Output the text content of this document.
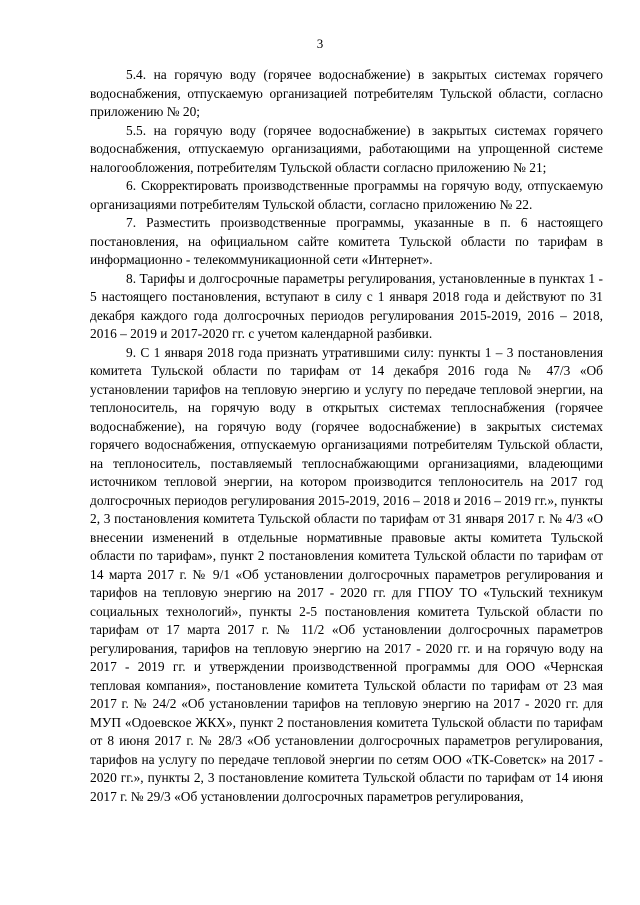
3

5.4. на горячую воду (горячее водоснабжение) в закрытых системах горячего водоснабжения, отпускаемую организацией потребителям Тульской области, согласно приложению № 20;

5.5. на горячую воду (горячее водоснабжение) в закрытых системах горячего водоснабжения, отпускаемую организациями, работающими на упрощенной системе налогообложения, потребителям Тульской области согласно приложению № 21;

6. Скорректировать производственные программы на горячую воду, отпускаемую организациями потребителям Тульской области, согласно приложению № 22.

7. Разместить производственные программы, указанные в п. 6 настоящего постановления, на официальном сайте комитета Тульской области по тарифам в информационно - телекоммуникационной сети «Интернет».

8. Тарифы и долгосрочные параметры регулирования, установленные в пунктах 1 - 5 настоящего постановления, вступают в силу с 1 января 2018 года и действуют по 31 декабря каждого года долгосрочных периодов регулирования 2015-2019, 2016 – 2018, 2016 – 2019 и 2017-2020 гг. с учетом календарной разбивки.

9. С 1 января 2018 года признать утратившими силу: пункты 1 – 3 постановления комитета Тульской области по тарифам от 14 декабря 2016 года № 47/3 «Об установлении тарифов на тепловую энергию и услугу по передаче тепловой энергии, на теплоноситель, на горячую воду в открытых системах теплоснабжения (горячее водоснабжение), на горячую воду (горячее водоснабжение) в закрытых системах горячего водоснабжения, отпускаемую организациями потребителям Тульской области, на теплоноситель, поставляемый теплоснабжающими организациями, владеющими источником тепловой энергии, на котором производится теплоноситель на 2017 год долгосрочных периодов регулирования 2015-2019, 2016 – 2018 и 2016 – 2019 гг.», пункты 2, 3 постановления комитета Тульской области по тарифам от 31 января 2017 г. № 4/3 «О внесении изменений в отдельные нормативные правовые акты комитета Тульской области по тарифам», пункт 2 постановления комитета Тульской области по тарифам от 14 марта 2017 г. № 9/1 «Об установлении долгосрочных параметров регулирования и тарифов на тепловую энергию на 2017 - 2020 гг. для ГПОУ ТО «Тульский техникум социальных технологий», пункты 2-5 постановления комитета Тульской области по тарифам от 17 марта 2017 г. № 11/2 «Об установлении долгосрочных параметров регулирования, тарифов на тепловую энергию на 2017 - 2020 гг. и на горячую воду на 2017 - 2019 гг. и утверждении производственной программы для ООО «Чернская тепловая компания», постановление комитета Тульской области по тарифам от 23 мая 2017 г. № 24/2 «Об установлении тарифов на тепловую энергию на 2017 - 2020 гг. для МУП «Одоевское ЖКХ», пункт 2 постановления комитета Тульской области по тарифам от 8 июня 2017 г. № 28/3 «Об установлении долгосрочных параметров регулирования, тарифов на услугу по передаче тепловой энергии по сетям ООО «ТК-Советск» на 2017 - 2020 гг.», пункты 2, 3 постановление комитета Тульской области по тарифам от 14 июня 2017 г. № 29/3 «Об установлении долгосрочных параметров регулирования,
